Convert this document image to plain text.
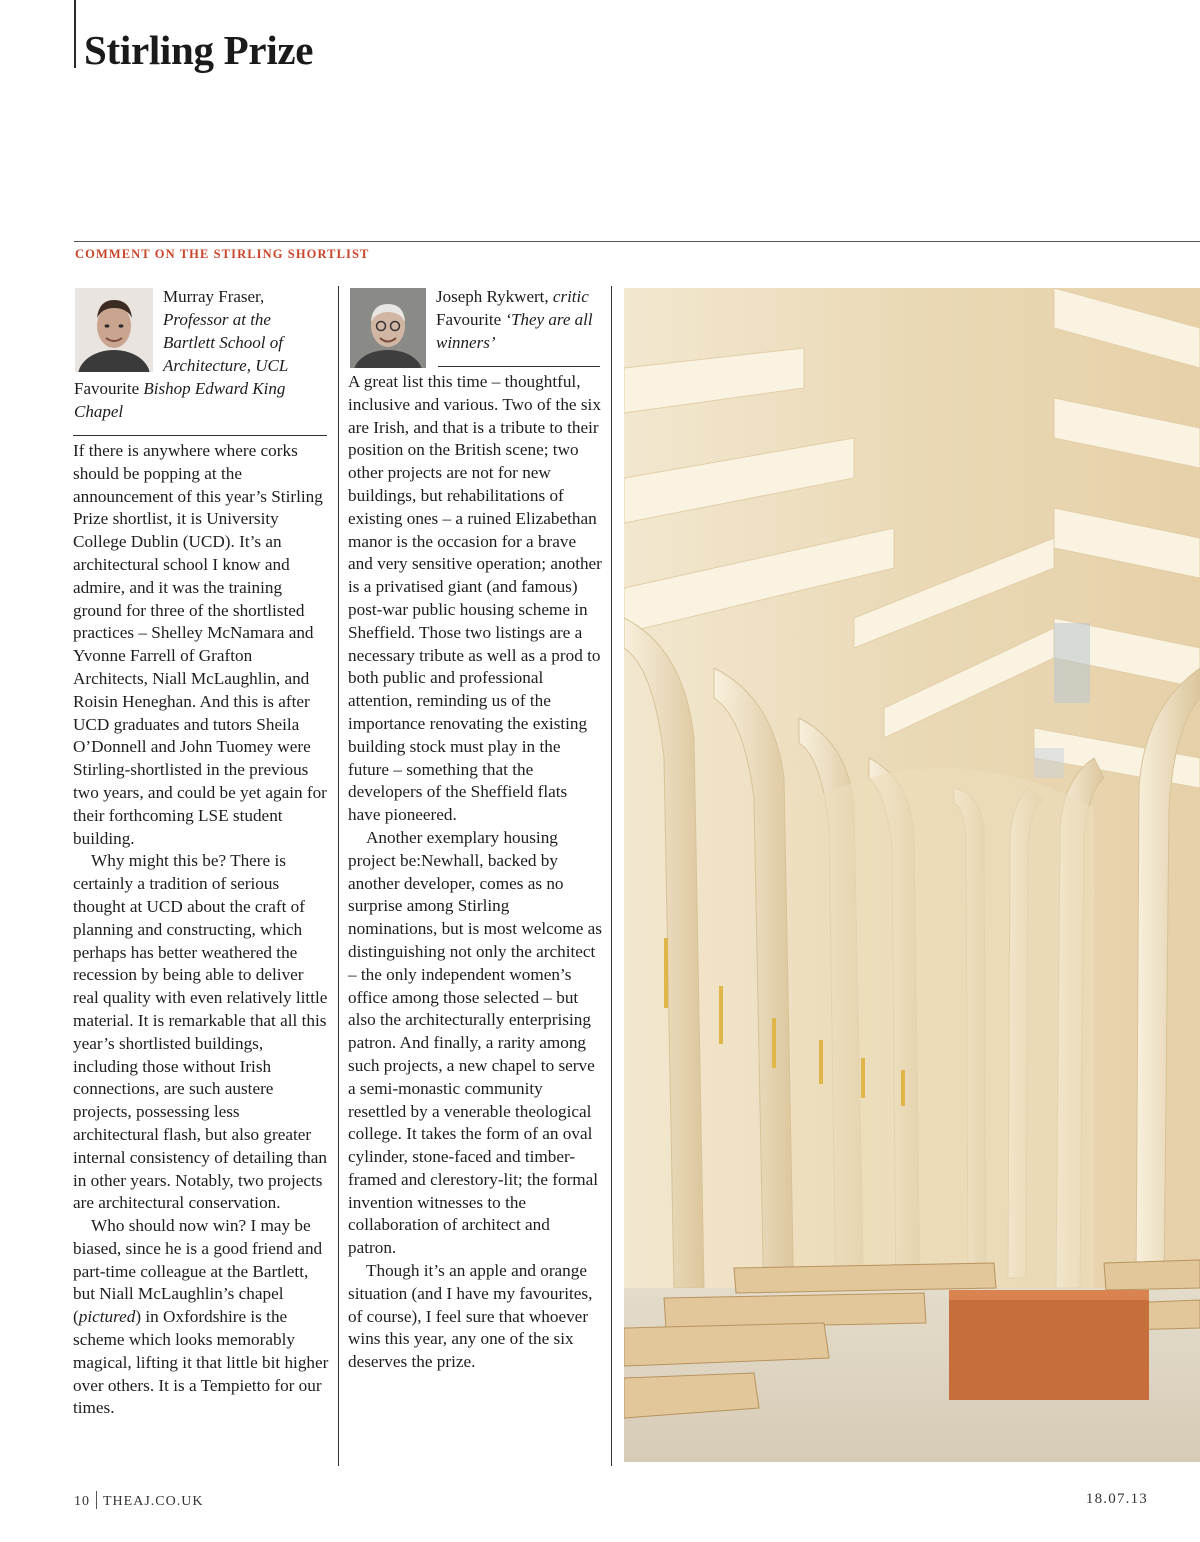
Stirling Prize

COMMENT ON THE STIRLING SHORTLIST

Murray Fraser,
Professor at the
Bartlett School of
Architecture, UCL
Favourite Bishop Edward King Chapel

If there is anywhere where corks should be popping at the announcement of this year’s Stirling Prize shortlist, it is University College Dublin (UCD). It’s an architectural school I know and admire, and it was the training ground for three of the shortlisted practices – Shelley McNamara and Yvonne Farrell of Grafton Architects, Niall McLaughlin, and Roisin Heneghan. And this is after UCD graduates and tutors Sheila O’Donnell and John Tuomey were Stirling-shortlisted in the previous two years, and could be yet again for their forthcoming LSE student building.

Why might this be? There is certainly a tradition of serious thought at UCD about the craft of planning and constructing, which perhaps has better weathered the recession by being able to deliver real quality with even relatively little material. It is remarkable that all this year’s shortlisted buildings, including those without Irish connections, are such austere projects, possessing less architectural flash, but also greater internal consistency of detailing than in other years. Notably, two projects are architectural conservation.

Who should now win? I may be biased, since he is a good friend and part-time colleague at the Bartlett, but Niall McLaughlin’s chapel (pictured) in Oxfordshire is the scheme which looks memorably magical, lifting it that little bit higher over others. It is a Tempietto for our times.

Joseph Rykwert, critic
Favourite ‘They are all winners’

A great list this time – thoughtful, inclusive and various. Two of the six are Irish, and that is a tribute to their position on the British scene; two other projects are not for new buildings, but rehabilitations of existing ones – a ruined Elizabethan manor is the occasion for a brave and very sensitive operation; another is a privatised giant (and famous) post-war public housing scheme in Sheffield. Those two listings are a necessary tribute as well as a prod to both public and professional attention, reminding us of the importance renovating the existing building stock must play in the future – something that the developers of the Sheffield flats have pioneered.

Another exemplary housing project be:Newhall, backed by another developer, comes as no surprise among Stirling nominations, but is most welcome as distinguishing not only the architect – the only independent women’s office among those selected – but also the architecturally enterprising patron. And finally, a rarity among such projects, a new chapel to serve a semi-monastic community resettled by a venerable theological college. It takes the form of an oval cylinder, stone-faced and timber-framed and clerestory-lit; the formal invention witnesses to the collaboration of architect and patron.

Though it’s an apple and orange situation (and I have my favourites, of course), I feel sure that whoever wins this year, any one of the six deserves the prize.

10 THEAJ.CO.UK	18.07.13
